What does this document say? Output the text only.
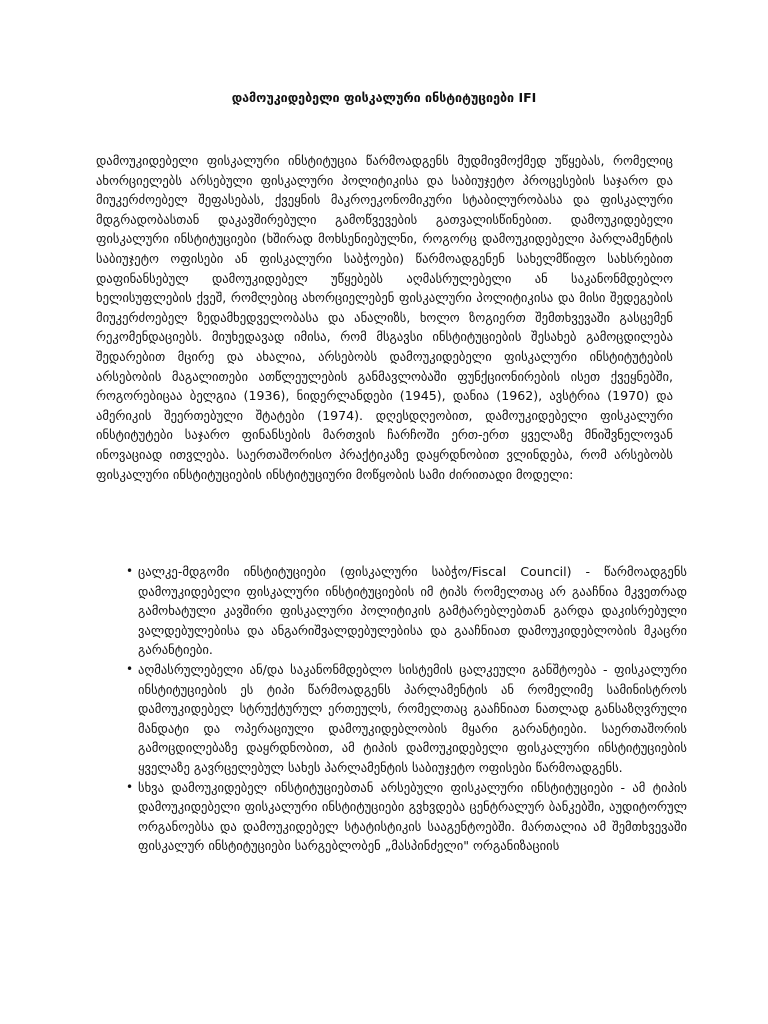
დამოუკიდებელი ფისკალური ინსტიტუციები IFI

დამოუკიდებელი ფისკალური ინსტიტუცია წარმოადგენს მუდმივმოქმედ უწყებას, რომელიც ახორციელებს არსებული ფისკალური პოლიტიკისა და საბიუჯეტო პროცესების საჯარო და მიუკერძოებელ შეფასებას, ქვეყნის მაკროეკონომიკური სტაბილურობასა და ფისკალური მდგრადობასთან დაკავშირებული გამოწვევების გათვალისწინებით. დამოუკიდებელი ფისკალური ინსტიტუციები (ხშირად მოხსენიებულნი, როგორც დამოუკიდებელი პარლამენტის საბიუჯეტო ოფისები ან ფისკალური საბჭოები) წარმოადგენენ სახელმწიფო სახსრებით დაფინანსებულ დამოუკიდებელ უწყებებს აღმასრულებელი ან საკანონმდებლო ხელისუფლების ქვეშ, რომლებიც ახორციელებენ ფისკალური პოლიტიკისა და მისი შედეგების მიუკერძოებელ ზედამხედველობასა და ანალიზს, ხოლო ზოგიერთ შემთხვევაში გასცემენ რეკომენდაციებს. მიუხედავად იმისა, რომ მსგავსი ინსტიტუციების შესახებ გამოცდილება შედარებით მცირე და ახალია, არსებობს დამოუკიდებელი ფისკალური ინსტიტუტების არსებობის მაგალითები ათწლეულების განმავლობაში ფუნქციონირების ისეთ ქვეყნებში, როგორებიცაა ბელგია (1936), ნიდერლანდები (1945), დანია (1962), ავსტრია (1970) და ამერიკის შეერთებული შტატები (1974). დღესდღეობით, დამოუკიდებელი ფისკალური ინსტიტუტები საჯარო ფინანსების მართვის ჩარჩოში ერთ-ერთ ყველაზე მნიშვნელოვან ინოვაციად ითვლება. საერთაშორისო პრაქტიკაზე დაყრდნობით ვლინდება, რომ არსებობს ფისკალური ინსტიტუციების ინსტიტუციური მოწყობის სამი ძირითადი მოდელი:

• ცალკე-მდგომი ინსტიტუციები (ფისკალური საბჭო/Fiscal Council) - წარმოადგენს დამოუკიდებელი ფისკალური ინსტიტუციების იმ ტიპს რომელთაც არ გააჩნია მკვეთრად გამოხატული კავშირი ფისკალური პოლიტიკის გამტარებლებთან გარდა დაკისრებული ვალდებულებისა და ანგარიშვალდებულებისა და გააჩნიათ დამოუკიდებლობის მკაცრი გარანტიები.
• აღმასრულებელი ან/და საკანონმდებლო სისტემის ცალკეული განშტოება - ფისკალური ინსტიტუციების ეს ტიპი წარმოადგენს პარლამენტის ან რომელიმე სამინისტროს დამოუკიდებელ სტრუქტურულ ერთეულს, რომელთაც გააჩნიათ ნათლად განსაზღვრული მანდატი და ოპერაციული დამოუკიდებლობის მყარი გარანტიები. საერთაშორის გამოცდილებაზე დაყრდნობით, ამ ტიპის დამოუკიდებელი ფისკალური ინსტიტუციების ყველაზე გავრცელებულ სახეს პარლამენტის საბიუჯეტო ოფისები წარმოადგენს.
• სხვა დამოუკიდებელ ინსტიტუციებთან არსებული ფისკალური ინსტიტუციები - ამ ტიპის დამოუკიდებელი ფისკალური ინსტიტუციები გვხვდება ცენტრალურ ბანკებში, აუდიტორულ ორგანოებსა და დამოუკიდებელ სტატისტიკის სააგენტოებში. მართალია ამ შემთხვევაში ფისკალურ ინსტიტუციები სარგებლობენ „მასპინძელი" ორგანიზაციის
